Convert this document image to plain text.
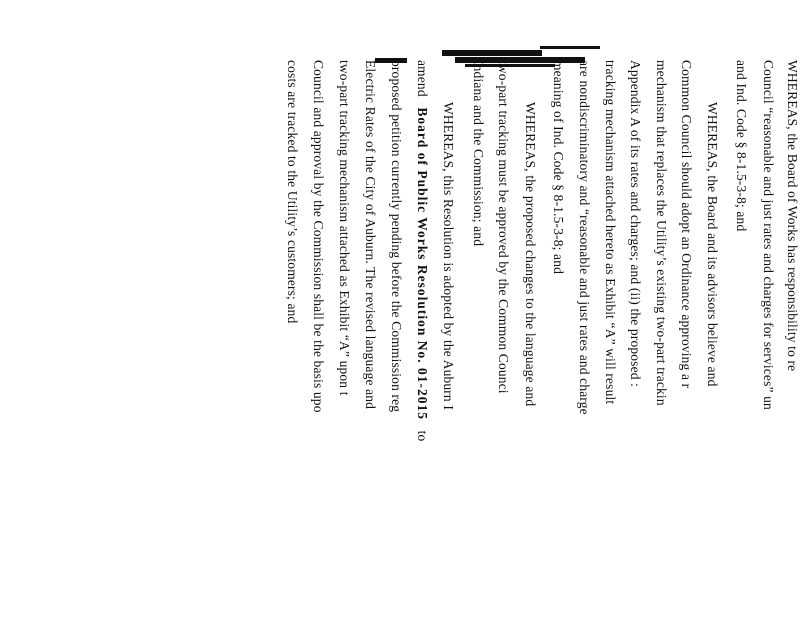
WHEREAS, the Board of Works has responsibility to re
Council “reasonable and just rates and charges for services” un
and Ind. Code § 8-1.5-3-8; and
WHEREAS, the Board and its advisors believe and
Common Council should adopt an Ordinance approving a r
mechanism that replaces the Utility’s existing two-part trackin
Appendix A of its rates and charges; and (ii) the proposed :
tracking mechanism attached hereto as Exhibit “A” will result
are nondiscriminatory and “reasonable and just rates and charge
meaning of Ind. Code § 8-1.5-3-8; and
WHEREAS, the proposed changes to the language and
two-part tracking must be approved by the Common Counci
Indiana and the Commission; and
WHEREAS, this Resolution is adopted by the Auburn I
amend   Board of Public Works Resolution No. 01-2015   to
proposed petition currently pending before the Commission reg
Electric Rates of the City of Auburn. The revised language and
two-part tracking mechanism attached as Exhibit “A” upon t
Council and approval by the Commission shall be the basis upo
costs are tracked to the Utility’s customers; and
